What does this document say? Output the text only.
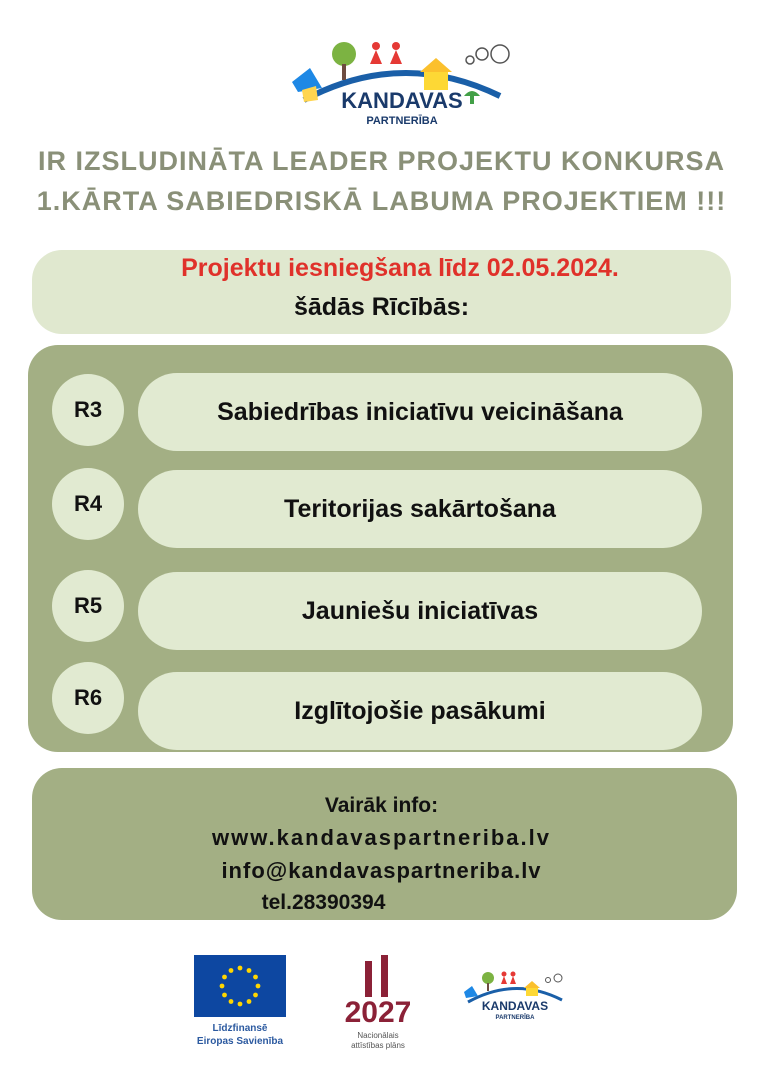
KANDAVAS
PARTNERĪBA
IR IZSLUDINĀTA LEADER PROJEKTU KONKURSA
1.KĀRTA SABIEDRISKĀ LABUMA PROJEKTIEM !!!
Projektu iesniegšana līdz 02.05.2024.
šādās Rīcībās:
R3	Sabiedrības iniciatīvu veicināšana
R4	Teritorijas sakārtošana
R5	Jauniešu iniciatīvas
R6	Izglītojošie pasākumi
Vairāk info:
www.kandavaspartneriba.lv
info@kandavaspartneriba.lv
tel.28390394
Līdzfinansē
Eiropas Savienība
2027
Nacionālais
attīstības plāns
KANDAVAS
PARTNERĪBA
